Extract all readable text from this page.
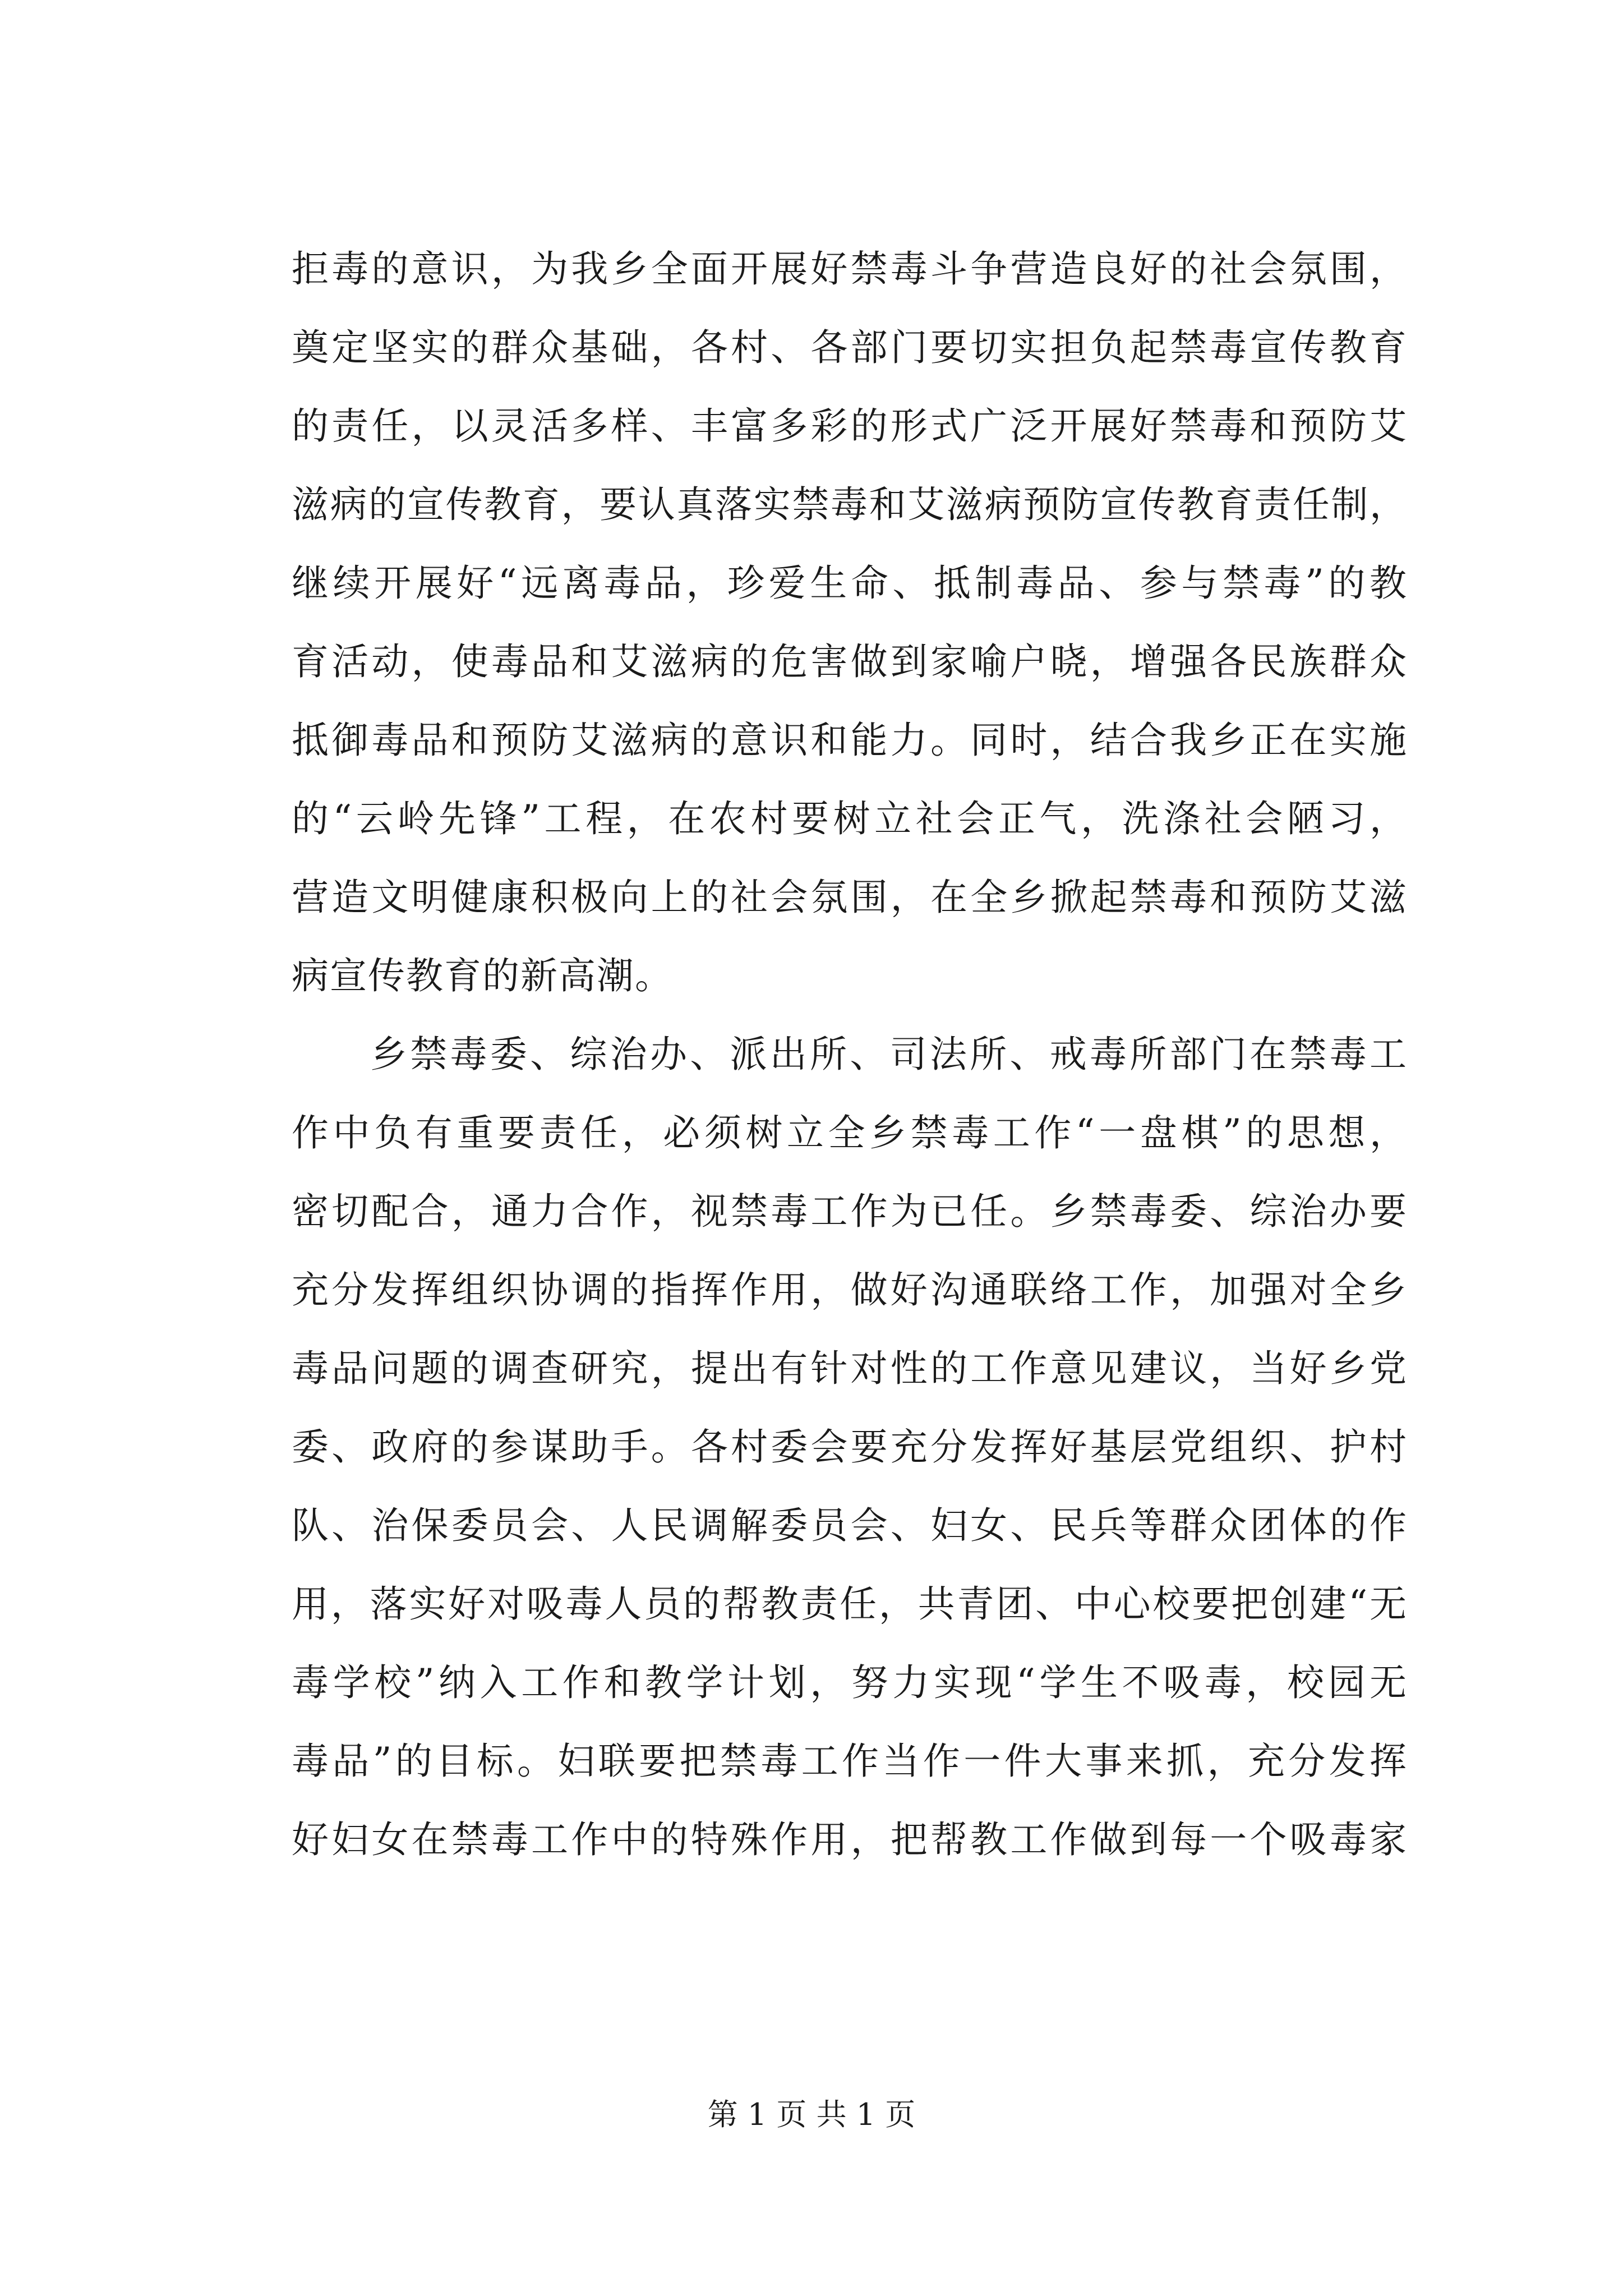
拒毒的意识，为我乡全面开展好禁毒斗争营造良好的社会氛围，
奠定坚实的群众基础，各村、各部门要切实担负起禁毒宣传教育
的责任，以灵活多样、丰富多彩的形式广泛开展好禁毒和预防艾
滋病的宣传教育，要认真落实禁毒和艾滋病预防宣传教育责任制，
继续开展好“远离毒品，珍爱生命、抵制毒品、参与禁毒”的教
育活动，使毒品和艾滋病的危害做到家喻户晓，增强各民族群众
抵御毒品和预防艾滋病的意识和能力。同时，结合我乡正在实施
的“云岭先锋”工程，在农村要树立社会正气，洗涤社会陋习，
营造文明健康积极向上的社会氛围，在全乡掀起禁毒和预防艾滋
病宣传教育的新高潮。
乡禁毒委、综治办、派出所、司法所、戒毒所部门在禁毒工
作中负有重要责任，必须树立全乡禁毒工作“一盘棋”的思想，
密切配合，通力合作，视禁毒工作为已任。乡禁毒委、综治办要
充分发挥组织协调的指挥作用，做好沟通联络工作，加强对全乡
毒品问题的调查研究，提出有针对性的工作意见建议，当好乡党
委、政府的参谋助手。各村委会要充分发挥好基层党组织、护村
队、治保委员会、人民调解委员会、妇女、民兵等群众团体的作
用，落实好对吸毒人员的帮教责任，共青团、中心校要把创建“无
毒学校”纳入工作和教学计划，努力实现“学生不吸毒，校园无
毒品”的目标。妇联要把禁毒工作当作一件大事来抓，充分发挥
好妇女在禁毒工作中的特殊作用，把帮教工作做到每一个吸毒家
第 1 页 共 1 页
